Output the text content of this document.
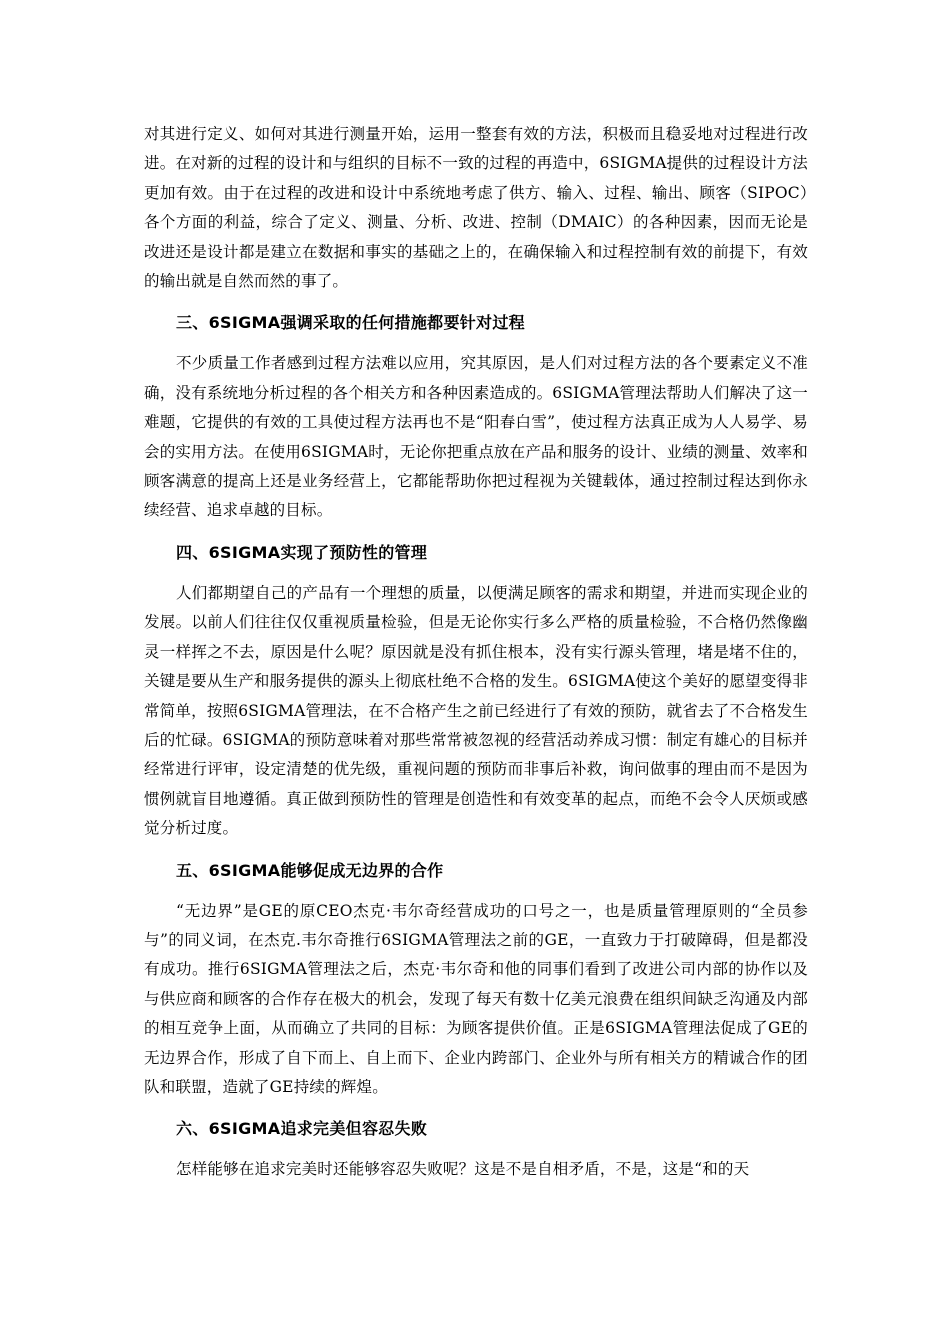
对其进行定义、如何对其进行测量开始，运用一整套有效的方法，积极而且稳妥地对过程进行改进。在对新的过程的设计和与组织的目标不一致的过程的再造中，6SIGMA提供的过程设计方法更加有效。由于在过程的改进和设计中系统地考虑了供方、输入、过程、输出、顾客（SIPOC）各个方面的利益，综合了定义、测量、分析、改进、控制（DMAIC）的各种因素，因而无论是改进还是设计都是建立在数据和事实的基础之上的，在确保输入和过程控制有效的前提下，有效的输出就是自然而然的事了。

三、6SIGMA强调采取的任何措施都要针对过程

不少质量工作者感到过程方法难以应用，究其原因，是人们对过程方法的各个要素定义不准确，没有系统地分析过程的各个相关方和各种因素造成的。6SIGMA管理法帮助人们解决了这一难题，它提供的有效的工具使过程方法再也不是“阳春白雪”，使过程方法真正成为人人易学、易会的实用方法。在使用6SIGMA时，无论你把重点放在产品和服务的设计、业绩的测量、效率和顾客满意的提高上还是业务经营上，它都能帮助你把过程视为关键载体，通过控制过程达到你永续经营、追求卓越的目标。

四、6SIGMA实现了预防性的管理

人们都期望自己的产品有一个理想的质量，以便满足顾客的需求和期望，并进而实现企业的发展。以前人们往往仅仅重视质量检验，但是无论你实行多么严格的质量检验，不合格仍然像幽灵一样挥之不去，原因是什么呢？原因就是没有抓住根本，没有实行源头管理，堵是堵不住的，关键是要从生产和服务提供的源头上彻底杜绝不合格的发生。6SIGMA使这个美好的愿望变得非常简单，按照6SIGMA管理法，在不合格产生之前已经进行了有效的预防，就省去了不合格发生后的忙碌。6SIGMA的预防意味着对那些常常被忽视的经营活动养成习惯：制定有雄心的目标并经常进行评审，设定清楚的优先级，重视问题的预防而非事后补救，询问做事的理由而不是因为惯例就盲目地遵循。真正做到预防性的管理是创造性和有效变革的起点，而绝不会令人厌烦或感觉分析过度。

五、6SIGMA能够促成无边界的合作

“无边界”是GE的原CEO杰克·韦尔奇经营成功的口号之一，也是质量管理原则的“全员参与”的同义词，在杰克.韦尔奇推行6SIGMA管理法之前的GE，一直致力于打破障碍，但是都没有成功。推行6SIGMA管理法之后，杰克·韦尔奇和他的同事们看到了改进公司内部的协作以及与供应商和顾客的合作存在极大的机会，发现了每天有数十亿美元浪费在组织间缺乏沟通及内部的相互竞争上面，从而确立了共同的目标：为顾客提供价值。正是6SIGMA管理法促成了GE的无边界合作，形成了自下而上、自上而下、企业内跨部门、企业外与所有相关方的精诚合作的团队和联盟，造就了GE持续的辉煌。

六、6SIGMA追求完美但容忍失败

怎样能够在追求完美时还能够容忍失败呢？这是不是自相矛盾，不是，这是“和的天
